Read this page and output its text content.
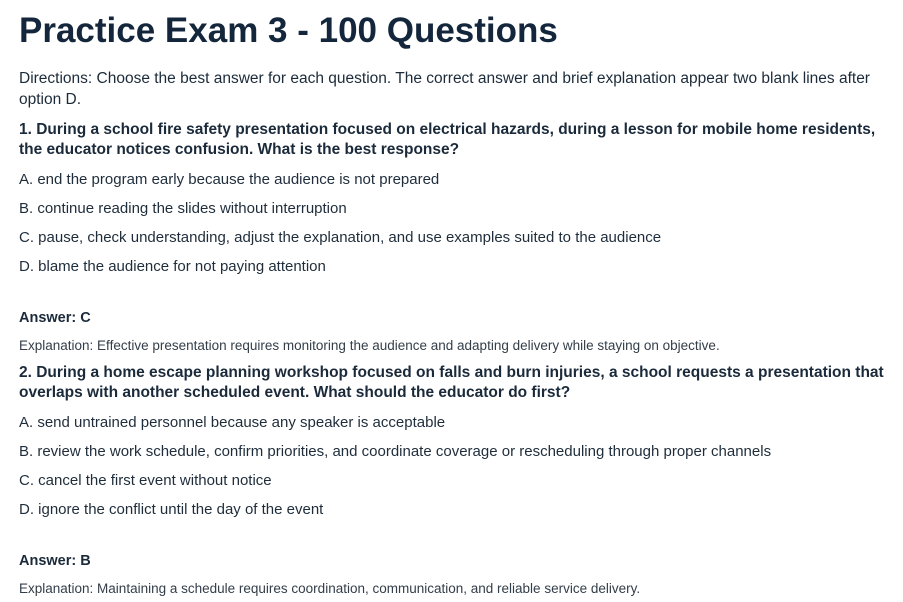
Practice Exam 3 - 100 Questions

Directions: Choose the best answer for each question. The correct answer and brief explanation appear two blank lines after option D.

1. During a school fire safety presentation focused on electrical hazards, during a lesson for mobile home residents, the educator notices confusion. What is the best response?

A. end the program early because the audience is not prepared

B. continue reading the slides without interruption

C. pause, check understanding, adjust the explanation, and use examples suited to the audience

D. blame the audience for not paying attention

Answer: C

Explanation: Effective presentation requires monitoring the audience and adapting delivery while staying on objective.

2. During a home escape planning workshop focused on falls and burn injuries, a school requests a presentation that overlaps with another scheduled event. What should the educator do first?

A. send untrained personnel because any speaker is acceptable

B. review the work schedule, confirm priorities, and coordinate coverage or rescheduling through proper channels

C. cancel the first event without notice

D. ignore the conflict until the day of the event

Answer: B

Explanation: Maintaining a schedule requires coordination, communication, and reliable service delivery.
